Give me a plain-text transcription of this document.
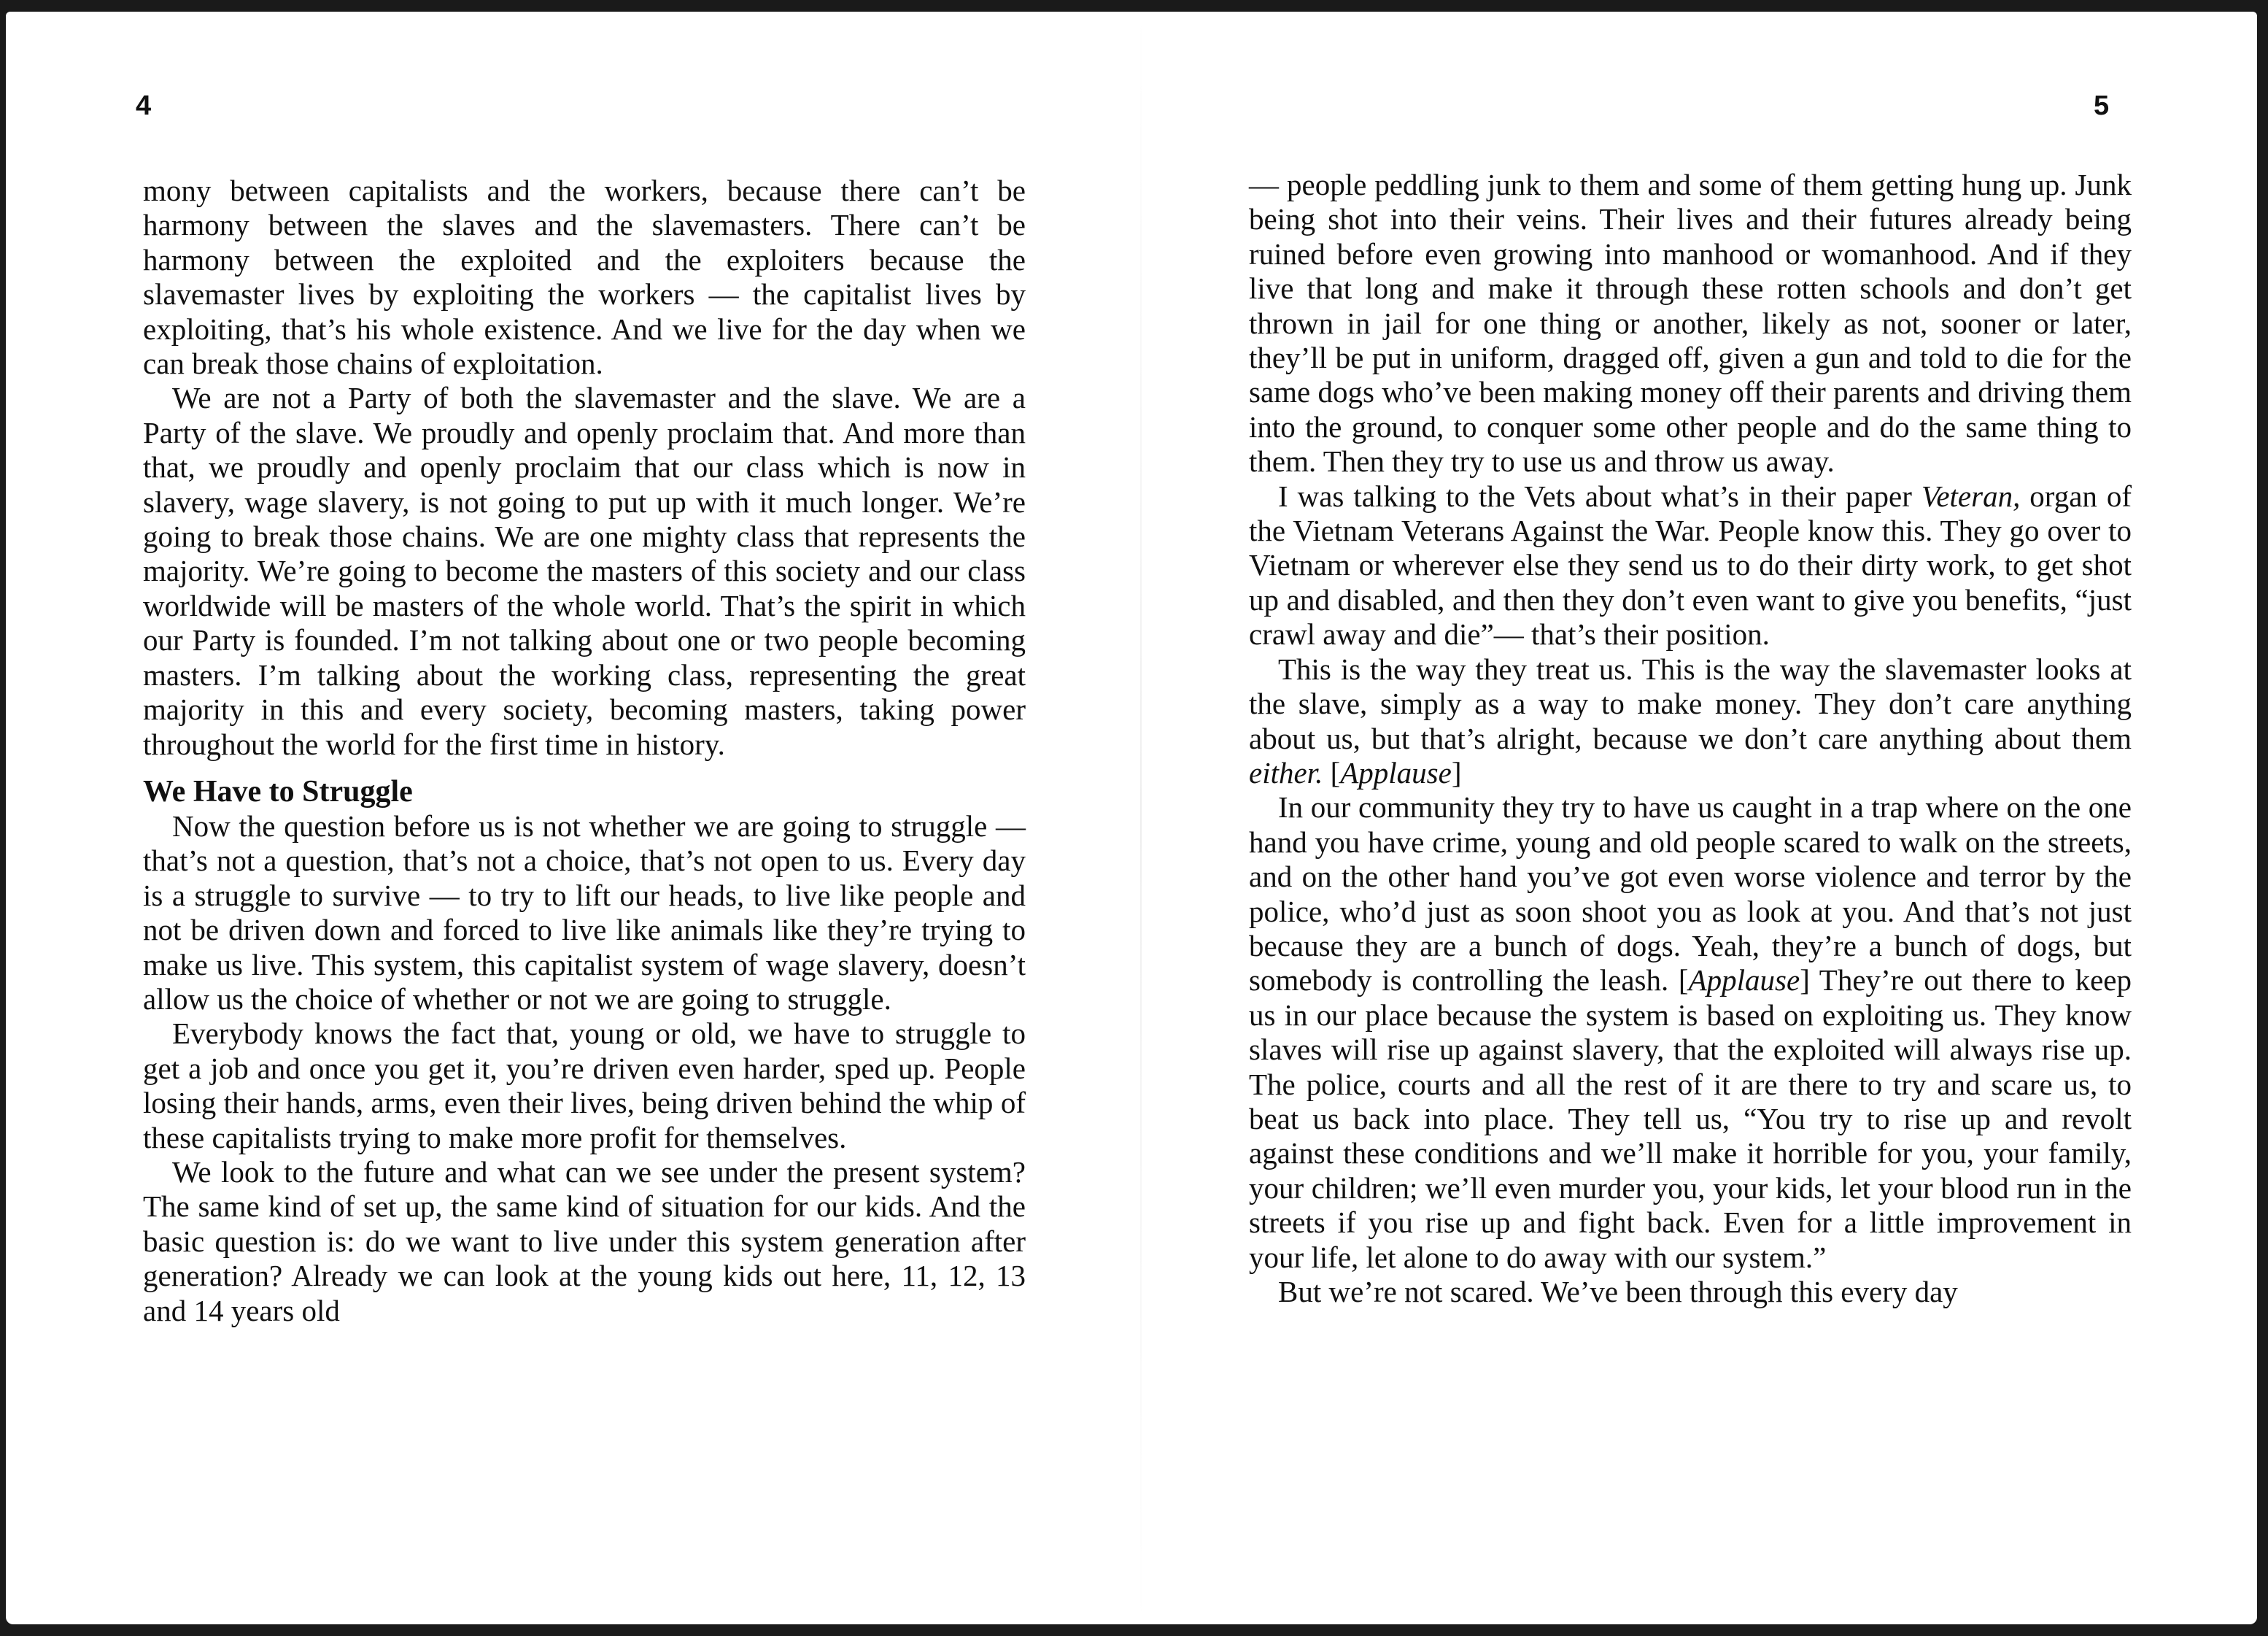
4

mony between capitalists and the workers, because there can’t be harmony between the slaves and the slavemasters. There can’t be harmony between the exploited and the exploiters because the slavemaster lives by exploiting the workers — the capitalist lives by exploiting, that’s his whole existence. And we live for the day when we can break those chains of exploitation.

We are not a Party of both the slavemaster and the slave. We are a Party of the slave. We proudly and openly proclaim that. And more than that, we proudly and openly proclaim that our class which is now in slavery, wage slavery, is not going to put up with it much longer. We’re going to break those chains. We are one mighty class that represents the majority. We’re going to become the masters of this society and our class worldwide will be masters of the whole world. That’s the spirit in which our Party is founded. I’m not talking about one or two people becoming masters. I’m talking about the working class, representing the great majority in this and every society, becoming masters, taking power throughout the world for the first time in history.

We Have to Struggle

Now the question before us is not whether we are going to struggle — that’s not a question, that’s not a choice, that’s not open to us. Every day is a struggle to survive — to try to lift our heads, to live like people and not be driven down and forced to live like animals like they’re trying to make us live. This system, this capitalist system of wage slavery, doesn’t allow us the choice of whether or not we are going to struggle.

Everybody knows the fact that, young or old, we have to struggle to get a job and once you get it, you’re driven even harder, sped up. People losing their hands, arms, even their lives, being driven behind the whip of these capitalists trying to make more profit for themselves.

We look to the future and what can we see under the present system? The same kind of set up, the same kind of situation for our kids. And the basic question is: do we want to live under this system generation after generation? Already we can look at the young kids out here, 11, 12, 13 and 14 years old

5

— people peddling junk to them and some of them getting hung up. Junk being shot into their veins. Their lives and their futures already being ruined before even growing into manhood or womanhood. And if they live that long and make it through these rotten schools and don’t get thrown in jail for one thing or another, likely as not, sooner or later, they’ll be put in uniform, dragged off, given a gun and told to die for the same dogs who’ve been making money off their parents and driving them into the ground, to conquer some other people and do the same thing to them. Then they try to use us and throw us away.

I was talking to the Vets about what’s in their paper Veteran, organ of the Vietnam Veterans Against the War. People know this. They go over to Vietnam or wherever else they send us to do their dirty work, to get shot up and disabled, and then they don’t even want to give you benefits, “just crawl away and die”— that’s their position.

This is the way they treat us. This is the way the slavemaster looks at the slave, simply as a way to make money. They don’t care anything about us, but that’s alright, because we don’t care anything about them either. [Applause]

In our community they try to have us caught in a trap where on the one hand you have crime, young and old people scared to walk on the streets, and on the other hand you’ve got even worse violence and terror by the police, who’d just as soon shoot you as look at you. And that’s not just because they are a bunch of dogs. Yeah, they’re a bunch of dogs, but somebody is controlling the leash. [Applause] They’re out there to keep us in our place because the system is based on exploiting us. They know slaves will rise up against slavery, that the exploited will always rise up. The police, courts and all the rest of it are there to try and scare us, to beat us back into place. They tell us, “You try to rise up and revolt against these conditions and we’ll make it horrible for you, your family, your children; we’ll even murder you, your kids, let your blood run in the streets if you rise up and fight back. Even for a little improvement in your life, let alone to do away with our system.”

But we’re not scared. We’ve been through this every day
